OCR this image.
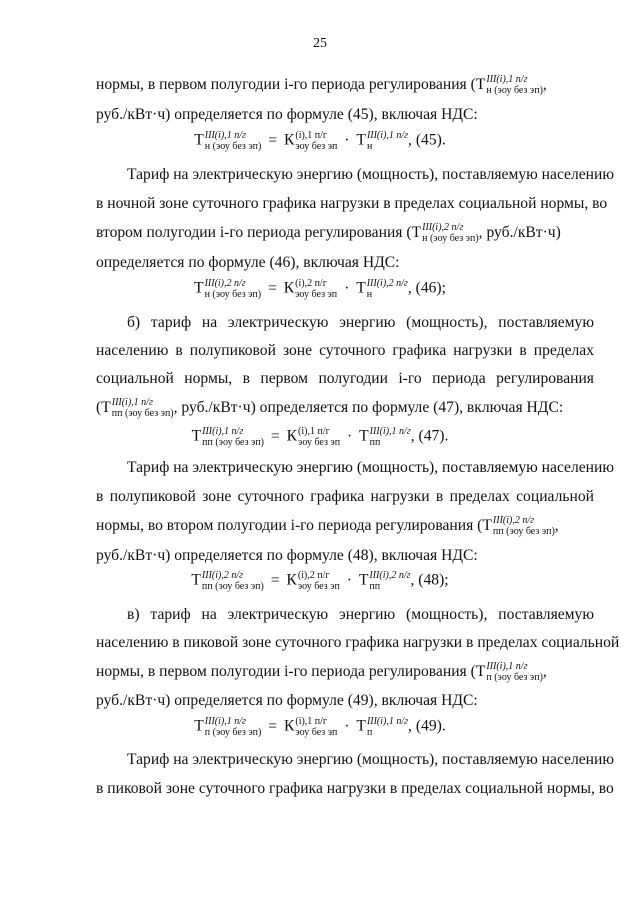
25
нормы, в первом полугодии i-го периода регулирования (Т III(i),1 п/г
н (эоу без эп) ,
руб./кВт·ч) определяется по формуле (45), включая НДС:
Т III(i),1 п/г
н (эоу без эп) = К (i),1 п/г
эоу без эп · Т III(i),1 п/г
н	, (45).
Тариф на электрическую энергию (мощность), поставляемую населению
в ночной зоне суточного графика нагрузки в пределах социальной нормы, во
втором полугодии i-го периода регулирования (Т III(i),2 п/г
н (эоу без эп) , руб./кВт·ч)
определяется по формуле (46), включая НДС:
Т III(i),2 п/г
н (эоу без эп) = К (i),2 п/г
эоу без эп · Т III(i),2 п/г
н	, (46);
б) тариф на электрическую энергию (мощность), поставляемую
населению в полупиковой зоне суточного графика нагрузки в пределах
социальной нормы, в первом полугодии i-го периода регулирования
(Т III(i),1 п/г
пп (эоу без эп) , руб./кВт·ч) определяется по формуле (47), включая НДС:
Т III(i),1 п/г
пп (эоу без эп) = К (i),1 п/г
эоу без эп · Т III(i),1 п/г
пп	, (47).
Тариф на электрическую энергию (мощность), поставляемую населению
в полупиковой зоне суточного графика нагрузки в пределах социальной
нормы, во втором полугодии i-го периода регулирования (Т III(i),2 п/г
пп (эоу без эп) ,
руб./кВт·ч) определяется по формуле (48), включая НДС:
Т III(i),2 п/г
пп (эоу без эп) = К (i),2 п/г
эоу без эп · Т III(i),2 п/г
пп	, (48);
в) тариф на электрическую энергию (мощность), поставляемую
населению в пиковой зоне суточного графика нагрузки в пределах социальной
нормы, в первом полугодии i-го периода регулирования (Т III(i),1 п/г
п (эоу без эп) ,
руб./кВт·ч) определяется по формуле (49), включая НДС:
Т III(i),1 п/г
п (эоу без эп) = К (i),1 п/г
эоу без эп · Т III(i),1 п/г
п	, (49).
Тариф на электрическую энергию (мощность), поставляемую населению
в пиковой зоне суточного графика нагрузки в пределах социальной нормы, во
